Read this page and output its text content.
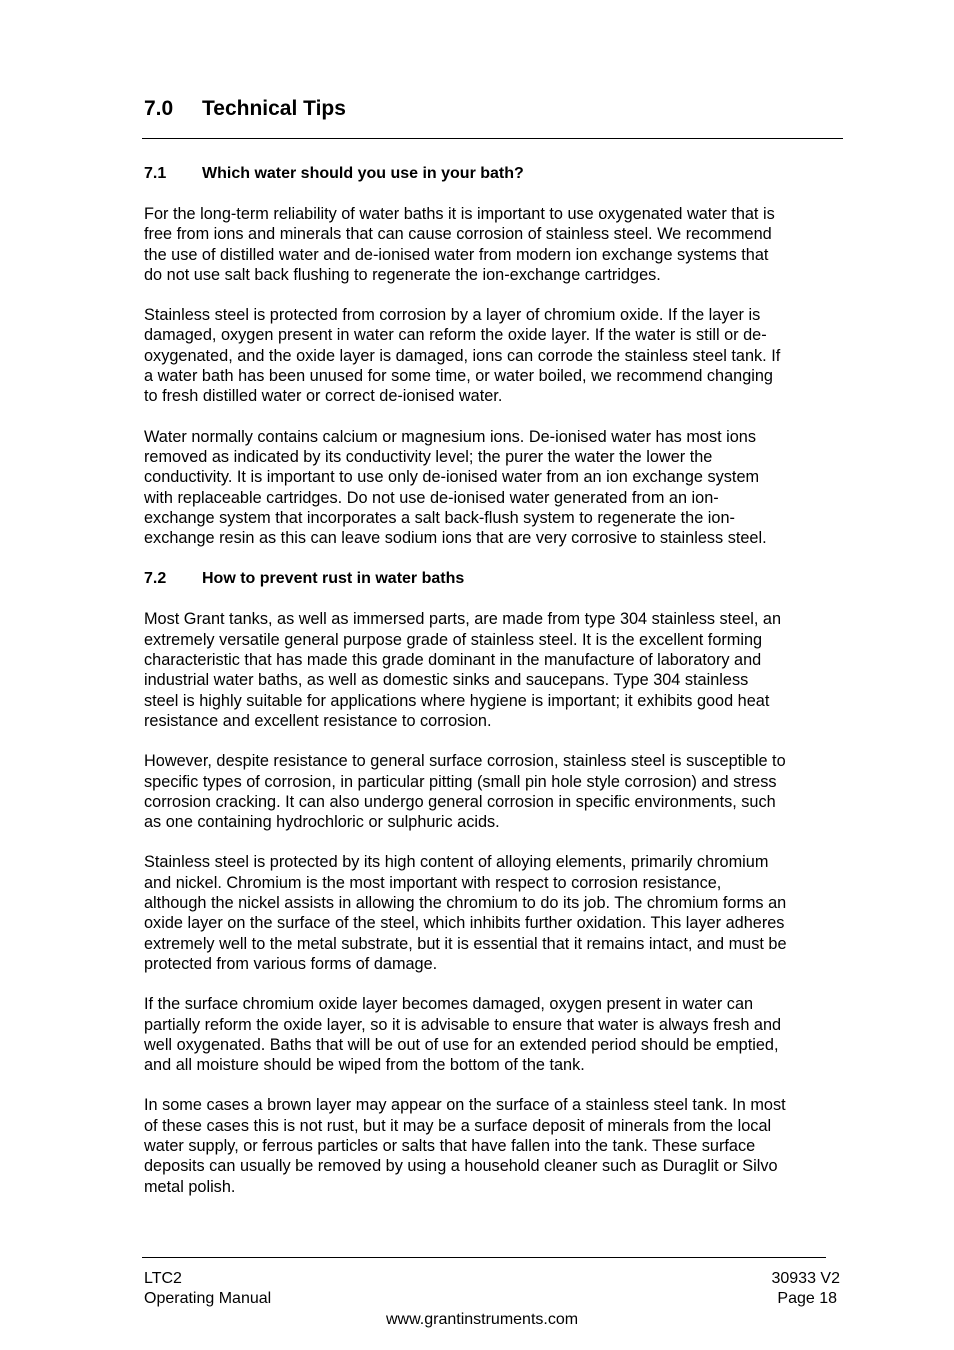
7.0 Technical Tips
7.1 Which water should you use in your bath?

For the long-term reliability of water baths it is important to use oxygenated water that is
free from ions and minerals that can cause corrosion of stainless steel. We recommend
the use of distilled water and de-ionised water from modern ion exchange systems that
do not use salt back flushing to regenerate the ion-exchange cartridges.

Stainless steel is protected from corrosion by a layer of chromium oxide. If the layer is
damaged, oxygen present in water can reform the oxide layer. If the water is still or de-
oxygenated, and the oxide layer is damaged, ions can corrode the stainless steel tank. If
a water bath has been unused for some time, or water boiled, we recommend changing
to fresh distilled water or correct de-ionised water.

Water normally contains calcium or magnesium ions. De-ionised water has most ions
removed as indicated by its conductivity level; the purer the water the lower the
conductivity. It is important to use only de-ionised water from an ion exchange system
with replaceable cartridges. Do not use de-ionised water generated from an ion-
exchange system that incorporates a salt back-flush system to regenerate the ion-
exchange resin as this can leave sodium ions that are very corrosive to stainless steel.

7.2 How to prevent rust in water baths

Most Grant tanks, as well as immersed parts, are made from type 304 stainless steel, an
extremely versatile general purpose grade of stainless steel. It is the excellent forming
characteristic that has made this grade dominant in the manufacture of laboratory and
industrial water baths, as well as domestic sinks and saucepans. Type 304 stainless
steel is highly suitable for applications where hygiene is important; it exhibits good heat
resistance and excellent resistance to corrosion.

However, despite resistance to general surface corrosion, stainless steel is susceptible to
specific types of corrosion, in particular pitting (small pin hole style corrosion) and stress
corrosion cracking. It can also undergo general corrosion in specific environments, such
as one containing hydrochloric or sulphuric acids.

Stainless steel is protected by its high content of alloying elements, primarily chromium
and nickel. Chromium is the most important with respect to corrosion resistance,
although the nickel assists in allowing the chromium to do its job. The chromium forms an
oxide layer on the surface of the steel, which inhibits further oxidation. This layer adheres
extremely well to the metal substrate, but it is essential that it remains intact, and must be
protected from various forms of damage.

If the surface chromium oxide layer becomes damaged, oxygen present in water can
partially reform the oxide layer, so it is advisable to ensure that water is always fresh and
well oxygenated. Baths that will be out of use for an extended period should be emptied,
and all moisture should be wiped from the bottom of the tank.

In some cases a brown layer may appear on the surface of a stainless steel tank. In most
of these cases this is not rust, but it may be a surface deposit of minerals from the local
water supply, or ferrous particles or salts that have fallen into the tank. These surface
deposits can usually be removed by using a household cleaner such as Duraglit or Silvo
metal polish.

LTC2
Operating Manual
30933 V2
Page 18
www.grantinstruments.com
